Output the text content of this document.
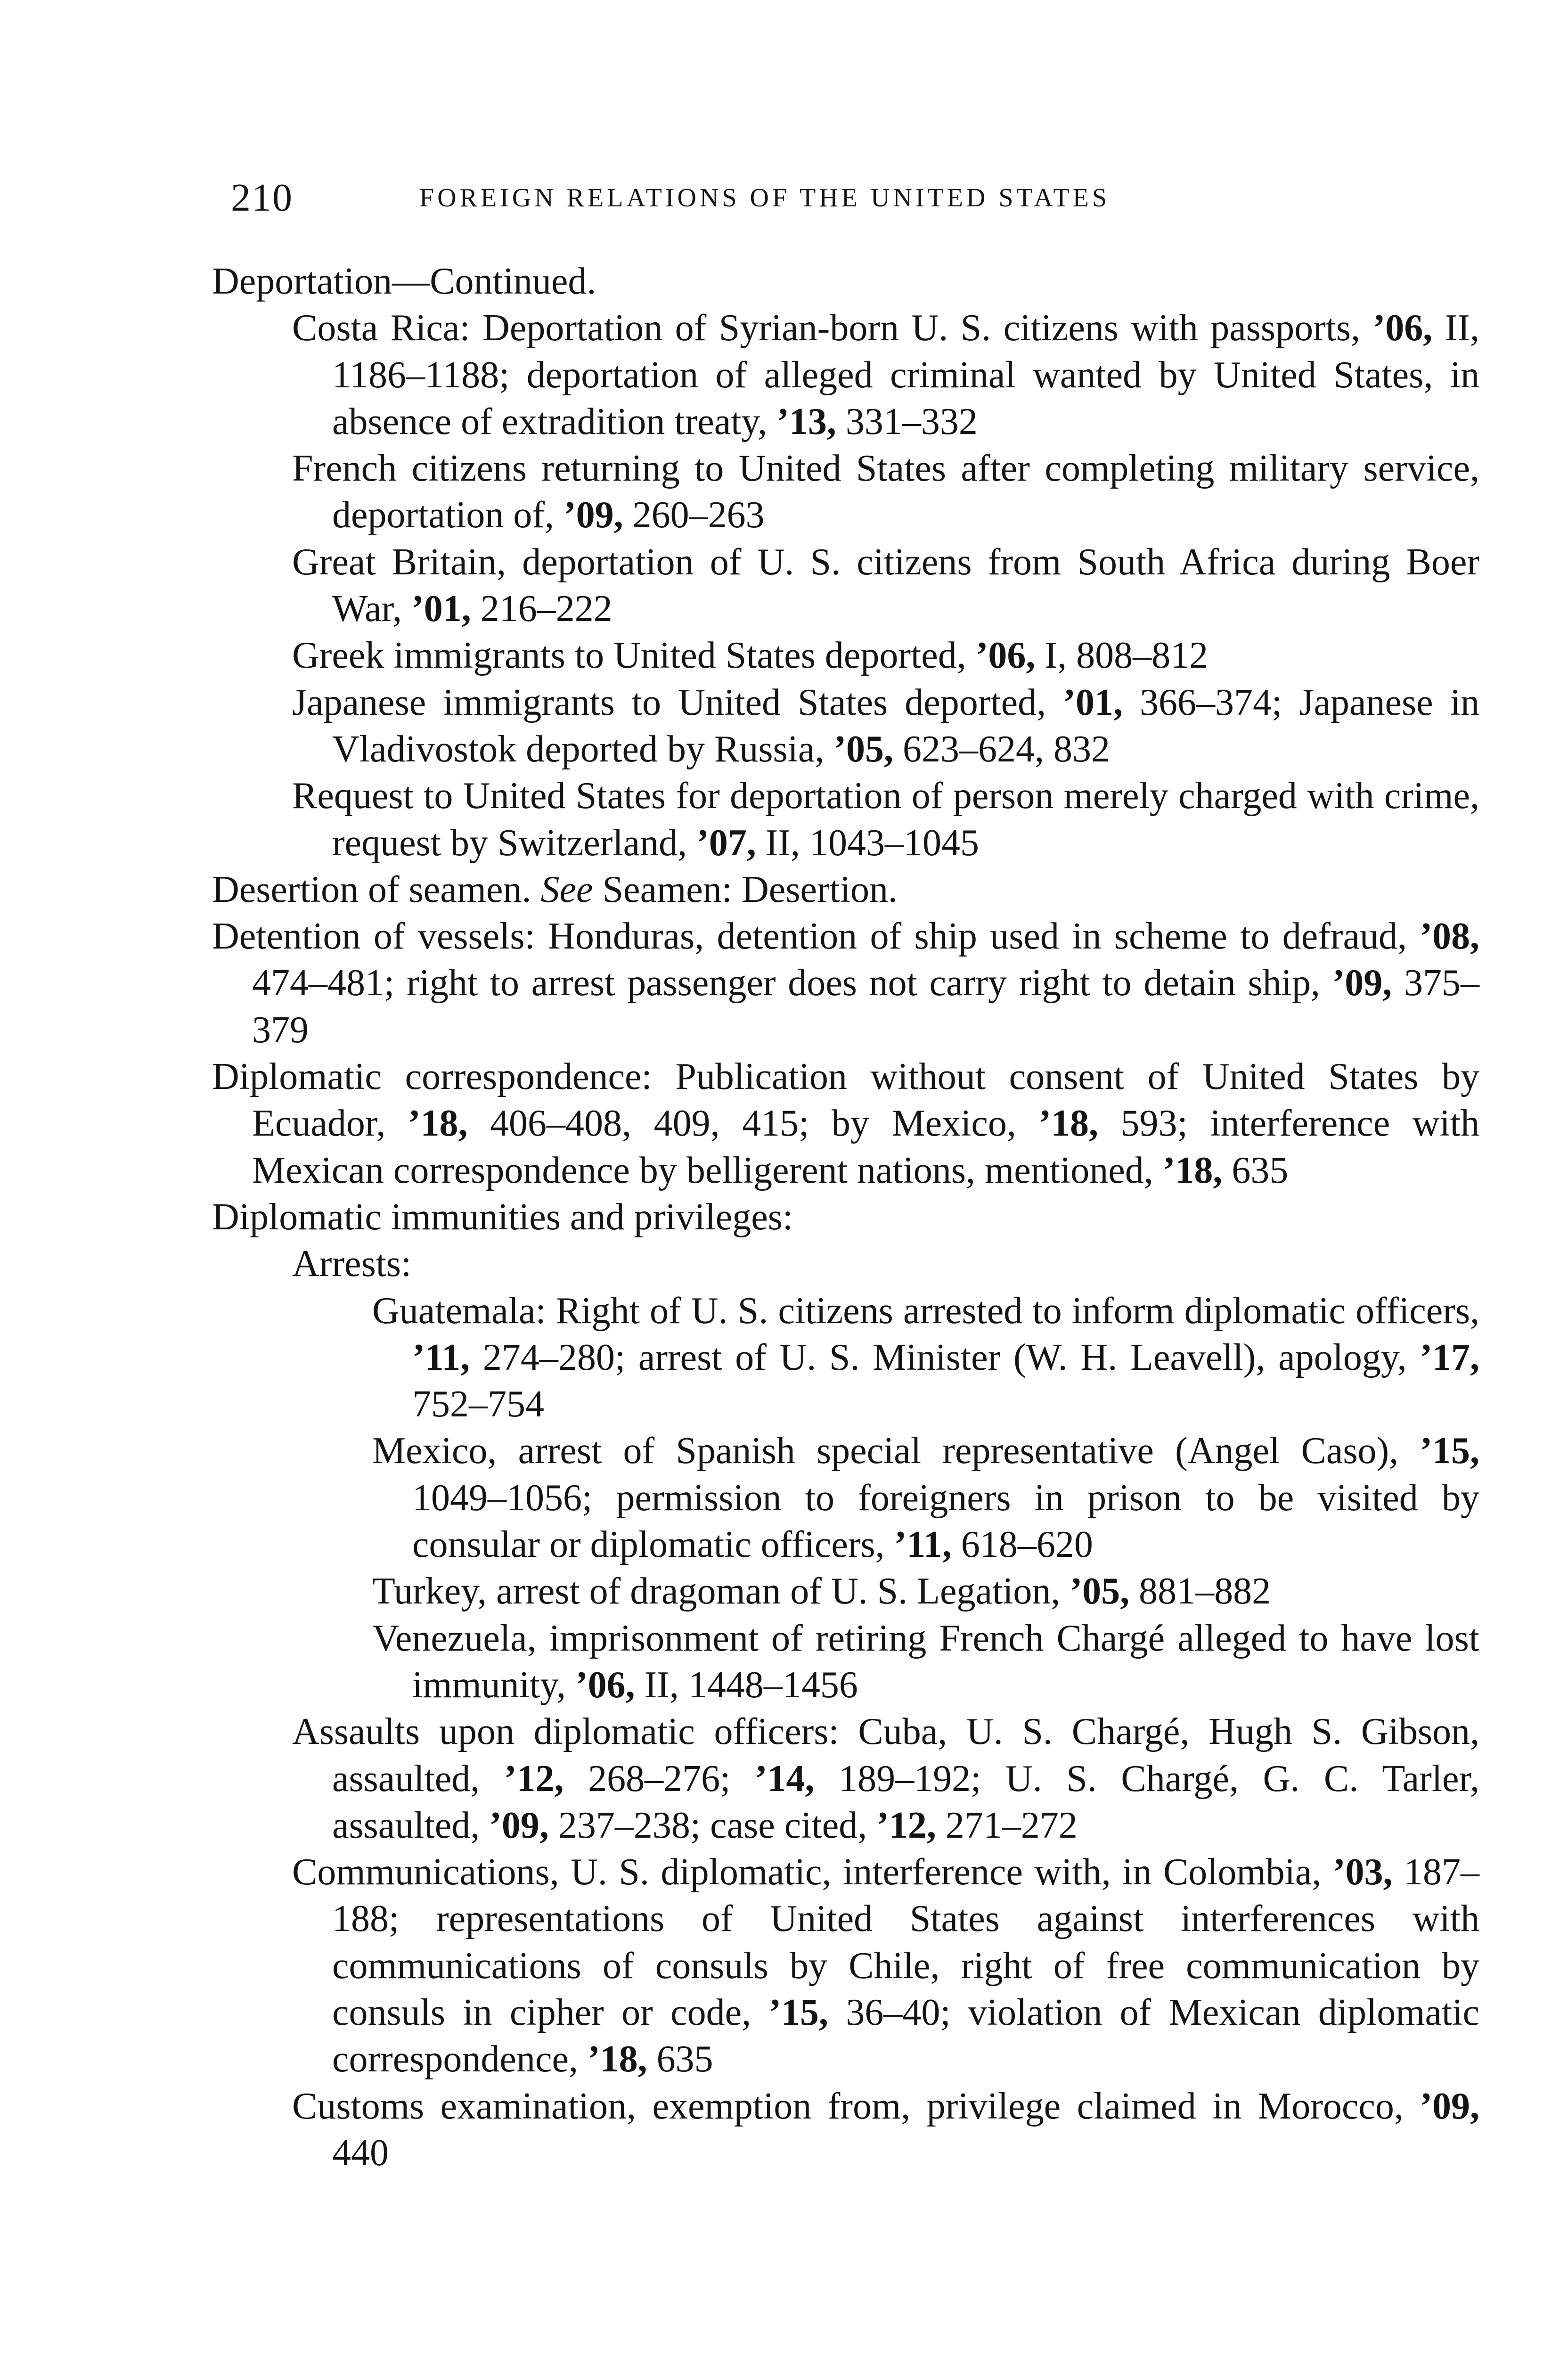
210	FOREIGN RELATIONS OF THE UNITED STATES

Deportation—Continued.

Costa Rica: Deportation of Syrian-born U. S. citizens with passports, ’06, II, 1186–1188; deportation of alleged criminal wanted by United States, in absence of extradition treaty, ’13, 331–332

French citizens returning to United States after completing military service, deportation of, ’09, 260–263

Great Britain, deportation of U. S. citizens from South Africa during Boer War, ’01, 216–222

Greek immigrants to United States deported, ’06, I, 808–812

Japanese immigrants to United States deported, ’01, 366–374; Japanese in Vladivostok deported by Russia, ’05, 623–624, 832

Request to United States for deportation of person merely charged with crime, request by Switzerland, ’07, II, 1043–1045

Desertion of seamen. See Seamen: Desertion.

Detention of vessels: Honduras, detention of ship used in scheme to defraud, ’08, 474–481; right to arrest passenger does not carry right to detain ship, ’09, 375–379

Diplomatic correspondence: Publication without consent of United States by Ecuador, ’18, 406–408, 409, 415; by Mexico, ’18, 593; interference with Mexican correspondence by belligerent nations, mentioned, ’18, 635

Diplomatic immunities and privileges:

Arrests:

Guatemala: Right of U. S. citizens arrested to inform diplomatic officers, ’11, 274–280; arrest of U. S. Minister (W. H. Leavell), apology, ’17, 752–754

Mexico, arrest of Spanish special representative (Angel Caso), ’15, 1049–1056; permission to foreigners in prison to be visited by consular or diplomatic officers, ’11, 618–620

Turkey, arrest of dragoman of U. S. Legation, ’05, 881–882

Venezuela, imprisonment of retiring French Chargé alleged to have lost immunity, ’06, II, 1448–1456

Assaults upon diplomatic officers: Cuba, U. S. Chargé, Hugh S. Gibson, assaulted, ’12, 268–276; ’14, 189–192; U. S. Chargé, G. C. Tarler, assaulted, ’09, 237–238; case cited, ’12, 271–272

Communications, U. S. diplomatic, interference with, in Colombia, ’03, 187–188; representations of United States against interferences with communications of consuls by Chile, right of free communication by consuls in cipher or code, ’15, 36–40; violation of Mexican diplomatic correspondence, ’18, 635

Customs examination, exemption from, privilege claimed in Morocco, ’09, 440
